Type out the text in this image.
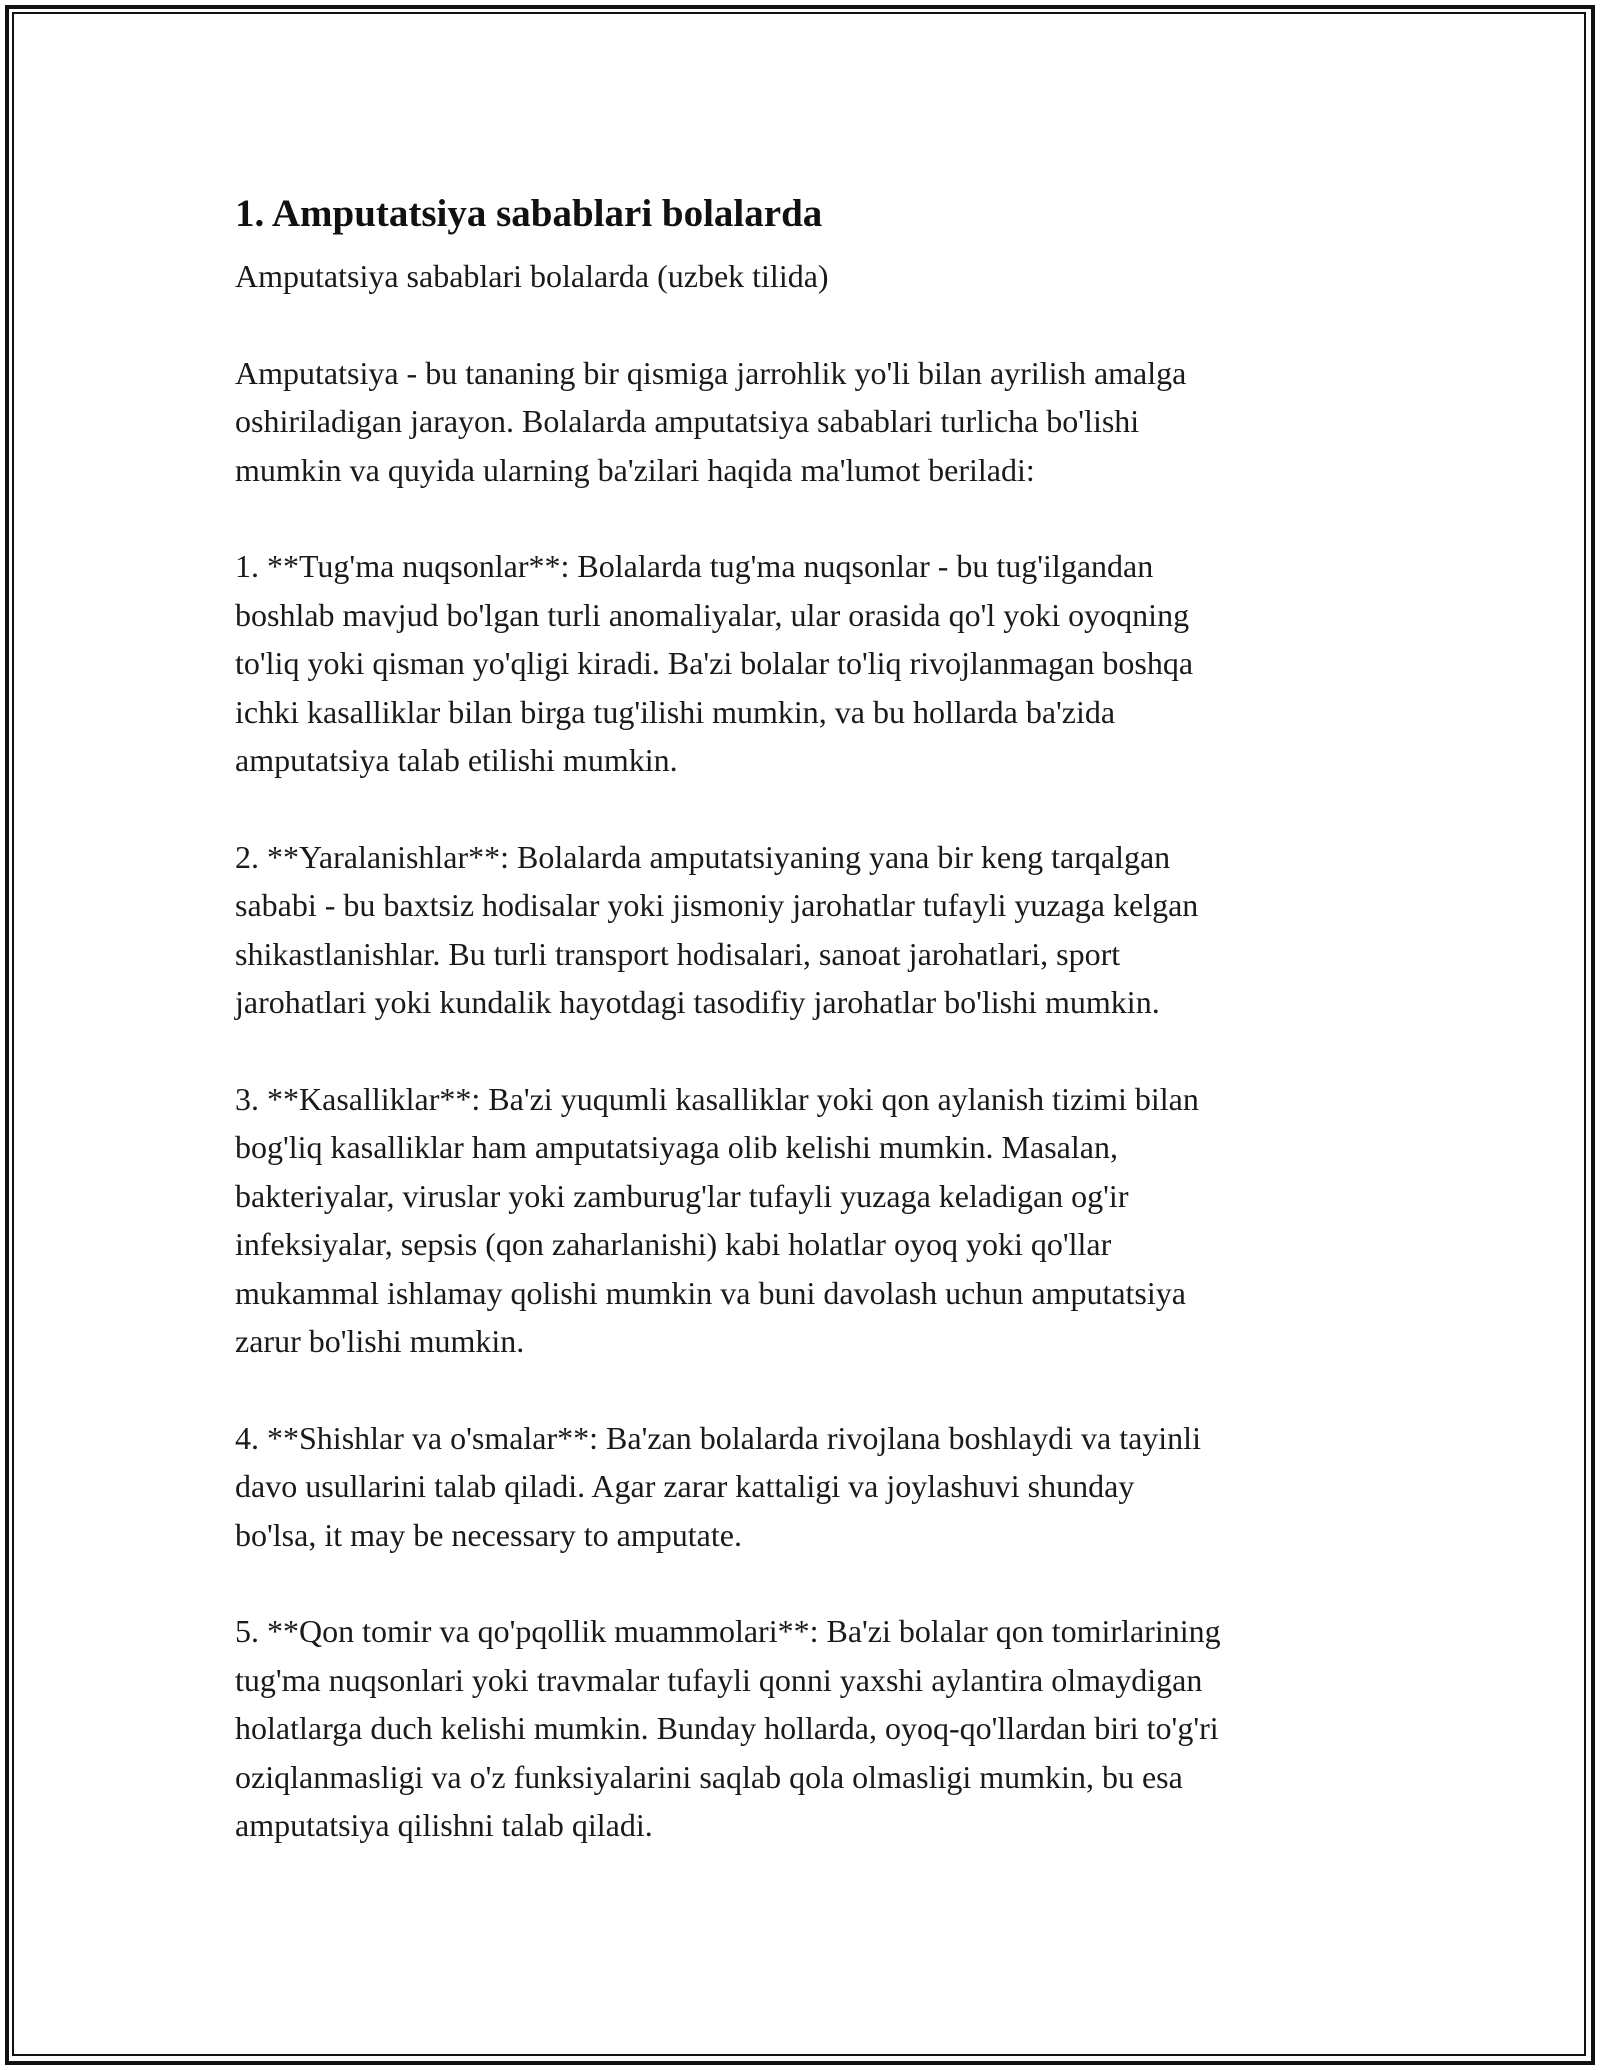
1. Amputatsiya sabablari bolalarda
Amputatsiya sabablari bolalarda (uzbek tilida)
Amputatsiya - bu tananing bir qismiga jarrohlik yo'li bilan ayrilish amalga
oshiriladigan jarayon. Bolalarda amputatsiya sabablari turlicha bo'lishi
mumkin va quyida ularning ba'zilari haqida ma'lumot beriladi:
1. **Tug'ma nuqsonlar**: Bolalarda tug'ma nuqsonlar - bu tug'ilgandan
boshlab mavjud bo'lgan turli anomaliyalar, ular orasida qo'l yoki oyoqning
to'liq yoki qisman yo'qligi kiradi. Ba'zi bolalar to'liq rivojlanmagan boshqa
ichki kasalliklar bilan birga tug'ilishi mumkin, va bu hollarda ba'zida
amputatsiya talab etilishi mumkin.
2. **Yaralanishlar**: Bolalarda amputatsiyaning yana bir keng tarqalgan
sababi - bu baxtsiz hodisalar yoki jismoniy jarohatlar tufayli yuzaga kelgan
shikastlanishlar. Bu turli transport hodisalari, sanoat jarohatlari, sport
jarohatlari yoki kundalik hayotdagi tasodifiy jarohatlar bo'lishi mumkin.
3. **Kasalliklar**: Ba'zi yuqumli kasalliklar yoki qon aylanish tizimi bilan
bog'liq kasalliklar ham amputatsiyaga olib kelishi mumkin. Masalan,
bakteriyalar, viruslar yoki zamburug'lar tufayli yuzaga keladigan og'ir
infeksiyalar, sepsis (qon zaharlanishi) kabi holatlar oyoq yoki qo'llar
mukammal ishlamay qolishi mumkin va buni davolash uchun amputatsiya
zarur bo'lishi mumkin.
4. **Shishlar va o'smalar**: Ba'zan bolalarda rivojlana boshlaydi va tayinli
davo usullarini talab qiladi. Agar zarar kattaligi va joylashuvi shunday
bo'lsa, it may be necessary to amputate.
5. **Qon tomir va qo'pqollik muammolari**: Ba'zi bolalar qon tomirlarining
tug'ma nuqsonlari yoki travmalar tufayli qonni yaxshi aylantira olmaydigan
holatlarga duch kelishi mumkin. Bunday hollarda, oyoq-qo'llardan biri to'g'ri
oziqlanmasligi va o'z funksiyalarini saqlab qola olmasligi mumkin, bu esa
amputatsiya qilishni talab qiladi.
